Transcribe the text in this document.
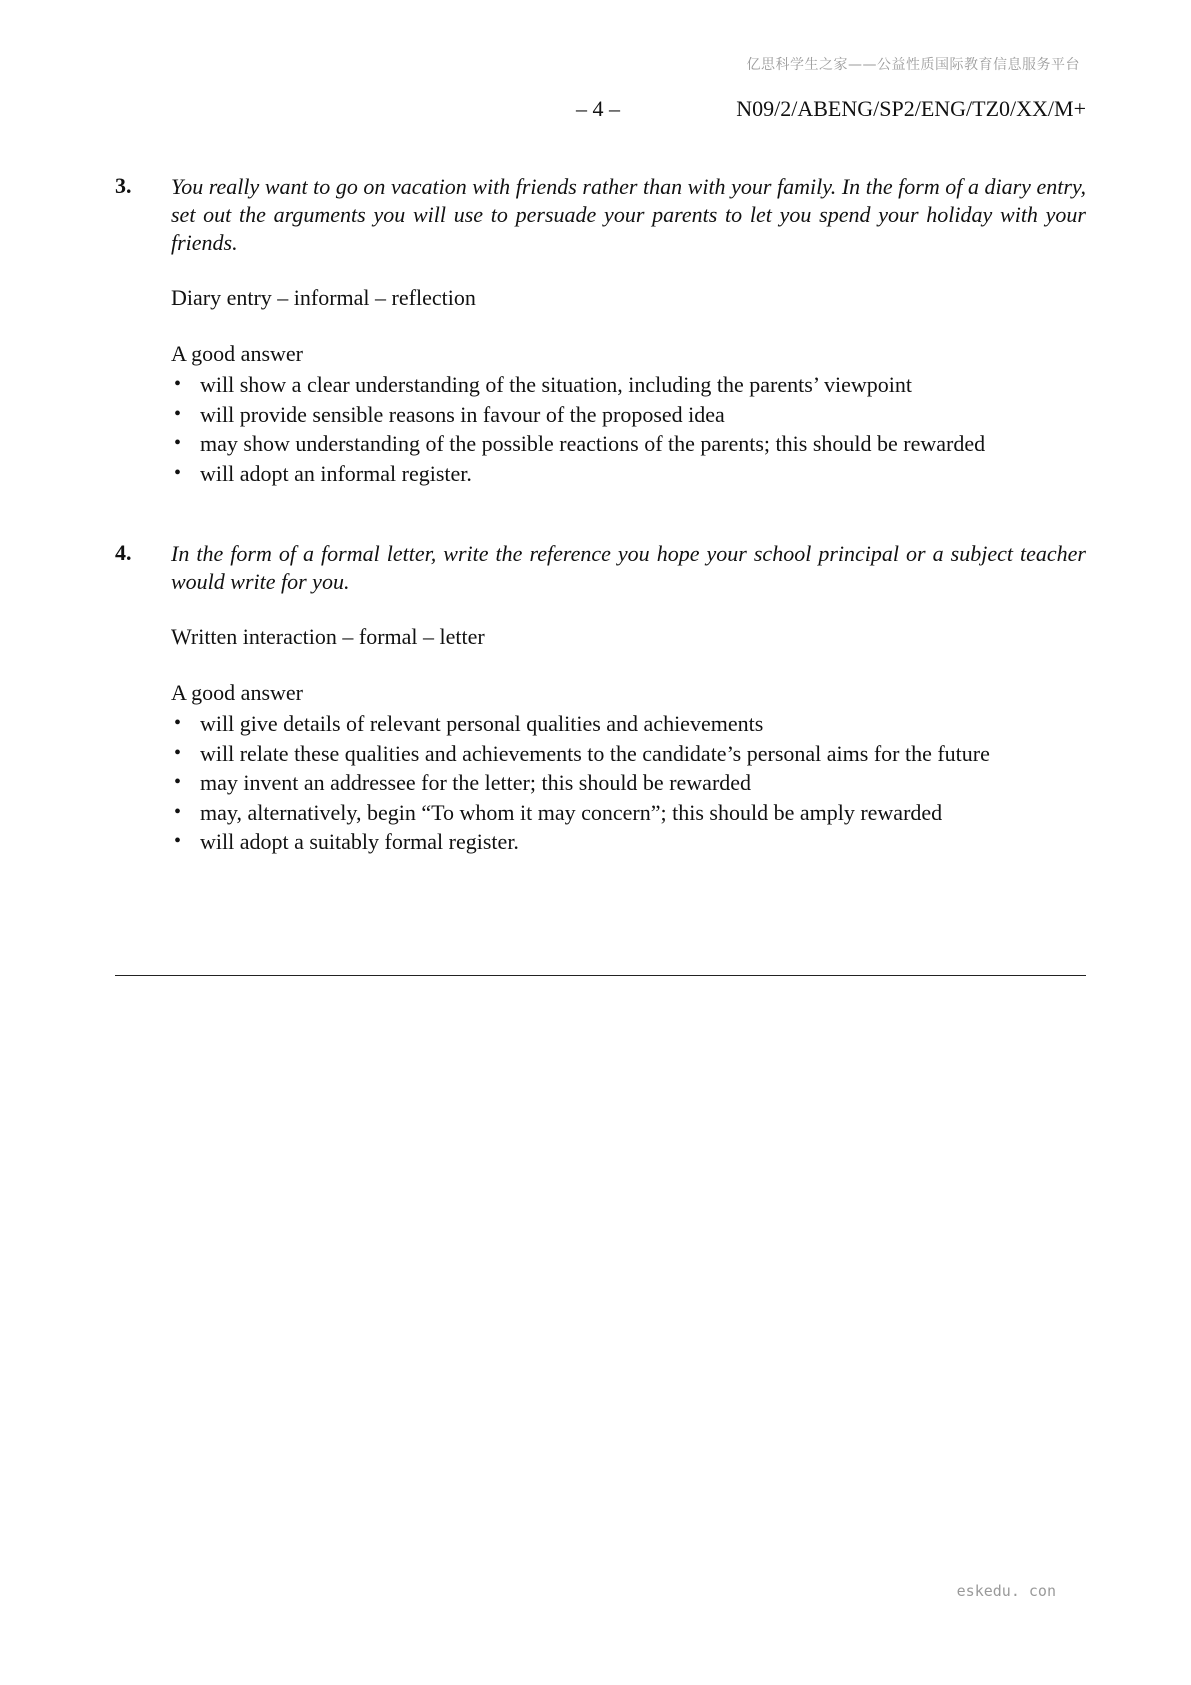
亿思科学生之家——公益性质国际教育信息服务平台
– 4 –	N09/2/ABENG/SP2/ENG/TZ0/XX/M+
3. You really want to go on vacation with friends rather than with your family. In the form of a diary entry, set out the arguments you will use to persuade your parents to let you spend your holiday with your friends.

Diary entry – informal – reflection

A good answer

• will show a clear understanding of the situation, including the parents’ viewpoint
• will provide sensible reasons in favour of the proposed idea
• may show understanding of the possible reactions of the parents; this should be rewarded
• will adopt an informal register.
4. In the form of a formal letter, write the reference you hope your school principal or a subject teacher would write for you.

Written interaction – formal – letter

A good answer

• will give details of relevant personal qualities and achievements
• will relate these qualities and achievements to the candidate’s personal aims for the future
• may invent an addressee for the letter; this should be rewarded
• may, alternatively, begin “To whom it may concern”; this should be amply rewarded
• will adopt a suitably formal register.
eskedu. con
